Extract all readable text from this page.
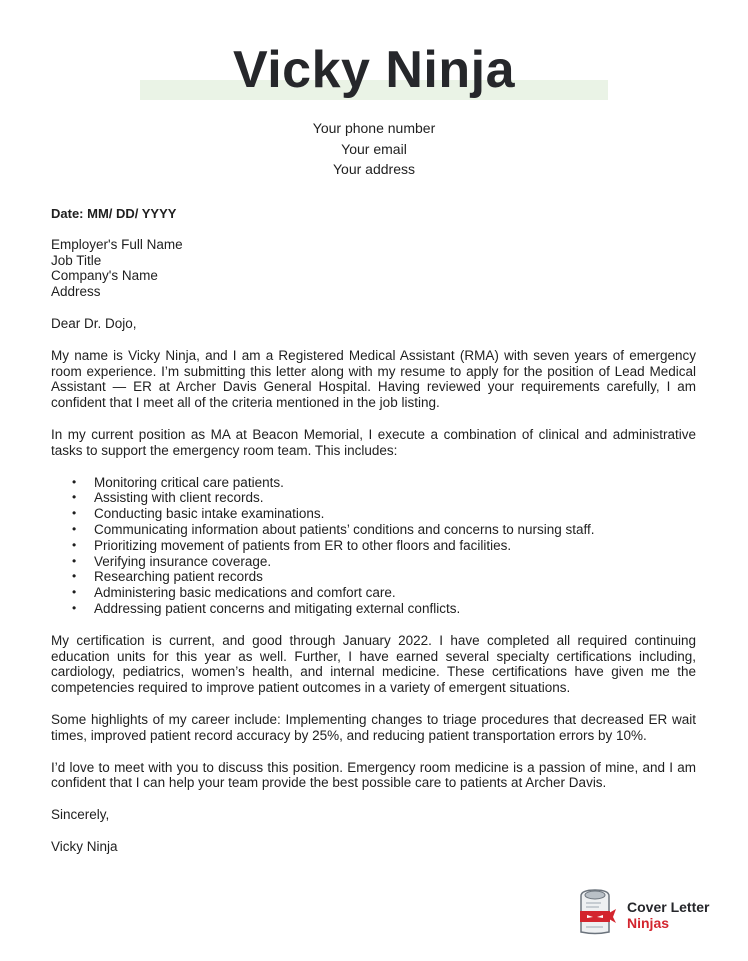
Vicky Ninja
Your phone number
Your email
Your address
Date: MM/ DD/ YYYY
Employer's Full Name
Job Title
Company's Name
Address

Dear Dr. Dojo,

My name is Vicky Ninja, and I am a Registered Medical Assistant (RMA) with seven years of emergency room experience. I’m submitting this letter along with my resume to apply for the position of Lead Medical Assistant — ER at Archer Davis General Hospital. Having reviewed your requirements carefully, I am confident that I meet all of the criteria mentioned in the job listing.

In my current position as MA at Beacon Memorial, I execute a combination of clinical and administrative tasks to support the emergency room team. This includes:

• Monitoring critical care patients.
• Assisting with client records.
• Conducting basic intake examinations.
• Communicating information about patients’ conditions and concerns to nursing staff.
• Prioritizing movement of patients from ER to other floors and facilities.
• Verifying insurance coverage.
• Researching patient records
• Administering basic medications and comfort care.
• Addressing patient concerns and mitigating external conflicts.

My certification is current, and good through January 2022. I have completed all required continuing education units for this year as well. Further, I have earned several specialty certifications including, cardiology, pediatrics, women’s health, and internal medicine. These certifications have given me the competencies required to improve patient outcomes in a variety of emergent situations.

Some highlights of my career include: Implementing changes to triage procedures that decreased ER wait times, improved patient record accuracy by 25%, and reducing patient transportation errors by 10%.

I’d love to meet with you to discuss this position. Emergency room medicine is a passion of mine, and I am confident that I can help your team provide the best possible care to patients at Archer Davis.

Sincerely,

Vicky Ninja

Cover Letter
Ninjas
